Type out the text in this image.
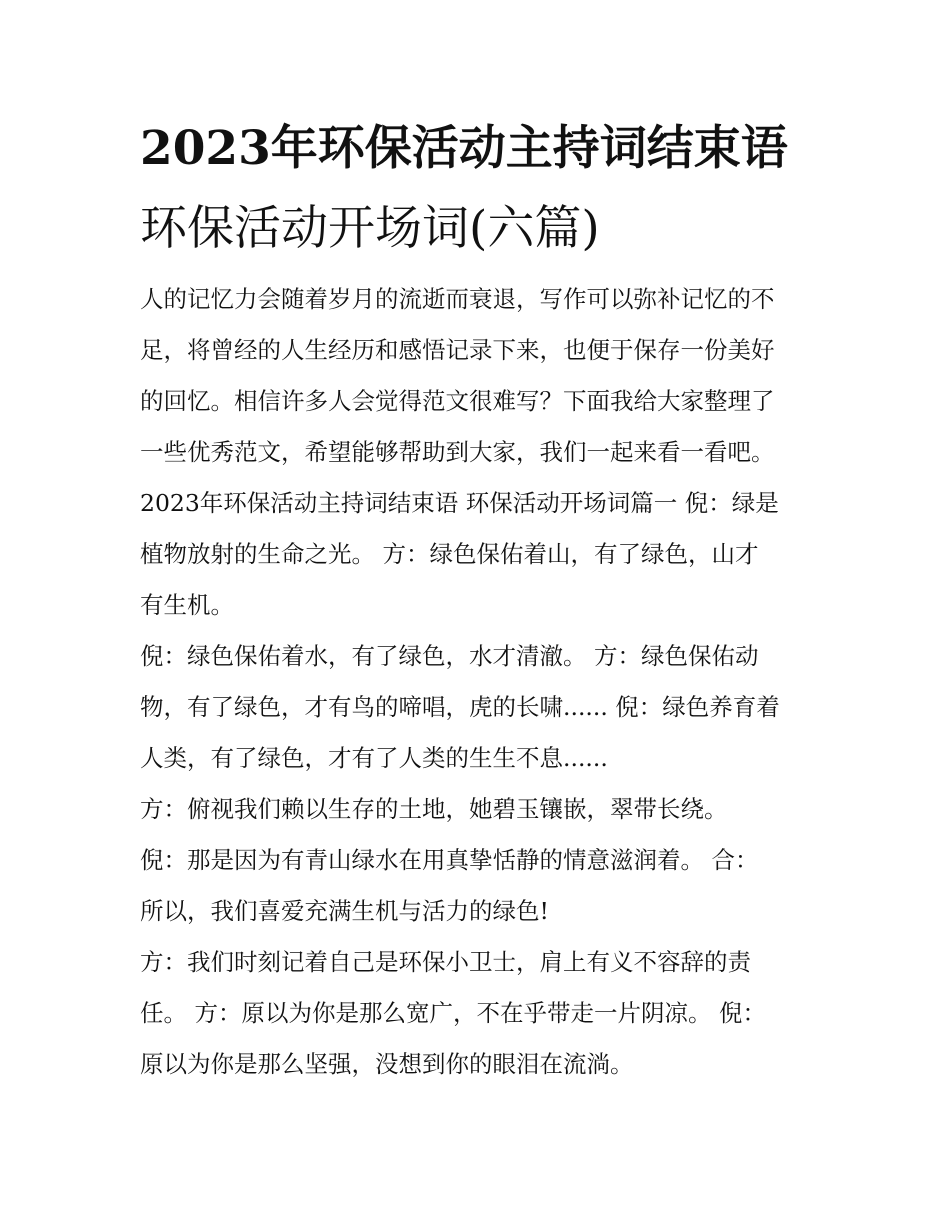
2023年环保活动主持词结束语
环保活动开场词(六篇)
人的记忆力会随着岁月的流逝而衰退，写作可以弥补记忆的不
足，将曾经的人生经历和感悟记录下来，也便于保存一份美好
的回忆。相信许多人会觉得范文很难写？下面我给大家整理了
一些优秀范文，希望能够帮助到大家，我们一起来看一看吧。
2023年环保活动主持词结束语 环保活动开场词篇一 倪：绿是
植物放射的生命之光。 方：绿色保佑着山，有了绿色，山才
有生机。
倪：绿色保佑着水，有了绿色，水才清澈。 方：绿色保佑动
物，有了绿色，才有鸟的啼唱，虎的长啸...... 倪：绿色养育着
人类，有了绿色，才有了人类的生生不息......
方：俯视我们赖以生存的土地，她碧玉镶嵌，翠带长绕。
倪：那是因为有青山绿水在用真挚恬静的情意滋润着。 合：
所以，我们喜爱充满生机与活力的绿色!
方：我们时刻记着自己是环保小卫士，肩上有义不容辞的责
任。 方：原以为你是那么宽广，不在乎带走一片阴凉。 倪：
原以为你是那么坚强，没想到你的眼泪在流淌。
